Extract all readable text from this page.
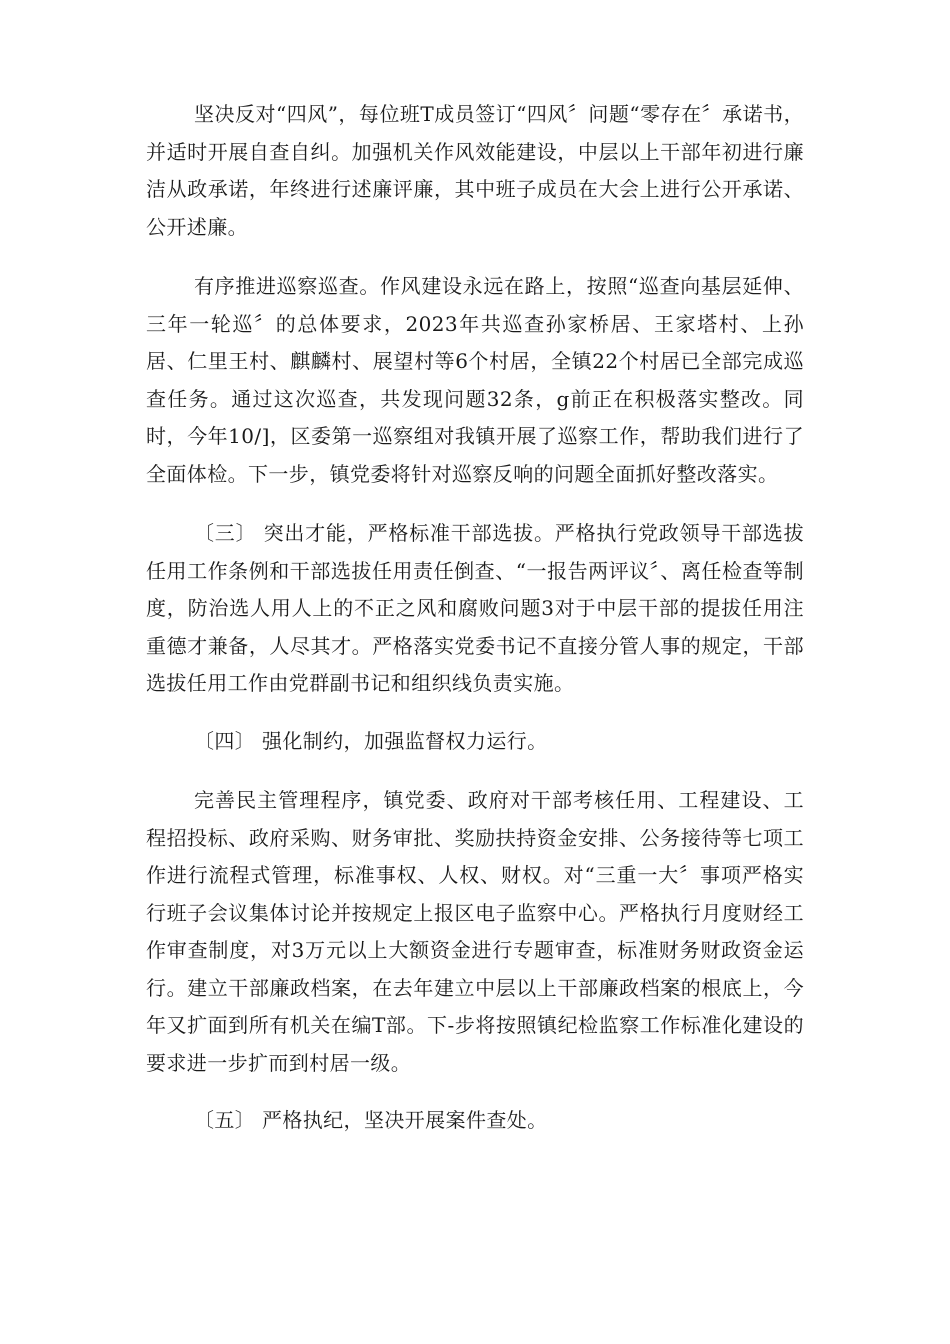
坚决反对“四风”，每位班T成员签订“四风〞问题“零存在〞承诺书，并适时开展自查自纠。加强机关作风效能建设，中层以上干部年初进行廉洁从政承诺，年终进行述廉评廉，其中班子成员在大会上进行公开承诺、公开述廉。

有序推进巡察巡查。作风建设永远在路上，按照“巡查向基层延伸、三年一轮巡〞的总体要求，2023年共巡查孙家桥居、王家塔村、上孙居、仁里王村、麒麟村、展望村等6个村居，全镇22个村居已全部完成巡查任务。通过这次巡查，共发现问题32条，g前正在积极落实整改。同时，今年10/]，区委第一巡察组对我镇开展了巡察工作，帮助我们进行了全面体检。下一步，镇党委将针对巡察反响的问题全面抓好整改落实。

〔三〕 突出才能，严格标准干部选拔。严格执行党政领导干部选拔任用工作条例和干部选拔任用责任倒查、“一报告两评议〞、离任检查等制度，防治选人用人上的不正之风和腐败问题3对于中层干部的提拔任用注重德才兼备，人尽其才。严格落实党委书记不直接分管人事的规定，干部选拔任用工作由党群副书记和组织线负责实施。

〔四〕 强化制约，加强监督权力运行。

完善民主管理程序，镇党委、政府对干部考核任用、工程建设、工程招投标、政府采购、财务审批、奖励扶持资金安排、公务接待等七项工作进行流程式管理，标准事权、人权、财权。对“三重一大〞事项严格实行班子会议集体讨论并按规定上报区电子监察中心。严格执行月度财经工作审查制度，对3万元以上大额资金进行专题审查，标准财务财政资金运行。建立干部廉政档案，在去年建立中层以上干部廉政档案的根底上，今年又扩面到所有机关在编T部。下-步将按照镇纪检监察工作标准化建设的要求进一步扩而到村居一级。

〔五〕 严格执纪，坚决开展案件查处。
